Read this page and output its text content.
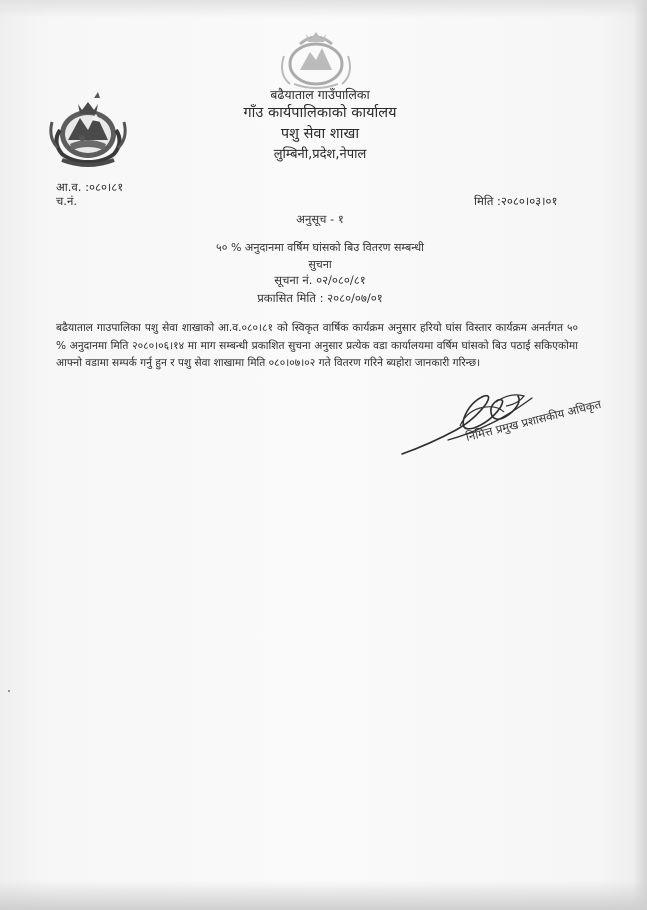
बढैयाताल गाउँपालिका
गाँउ कार्यपालिकाको कार्यालय
पशु सेवा शाखा
लुम्बिनी,प्रदेश,नेपाल
आ.व. :०८०।८१
च.नं.	मिति :२०८०।०३।०१
अनुसूच - १
५० % अनुदानमा वर्षिम घांसको बिउ वितरण सम्बन्धी
सुचना
सूचना नं. ०२/०८०/८१
प्रकासित मिति : २०८०/०७/०१
बढैयाताल गाउपालिका पशु सेवा शाखाको आ.व.०८०।८१ को स्विकृत वार्षिक कार्यक्रम अनुसार हरियो घांस विस्तार कार्यक्रम अनर्तगत ५० % अनुदानमा मिति २०८०।०६।१४ मा माग सम्बन्धी प्रकाशित सुचना अनुसार प्रत्येक वडा कार्यालयमा वर्षिम घांसको बिउ पठाई सकिएकोमा आफ्नो वडामा सम्पर्क गर्नु हुन र पशु सेवा शाखामा मिति ०८०।०७।०२ गते वितरण गरिने ब्यहोरा जानकारी गरिन्छ।
निमित्त प्रमुख प्रशासकीय अधिकृत
